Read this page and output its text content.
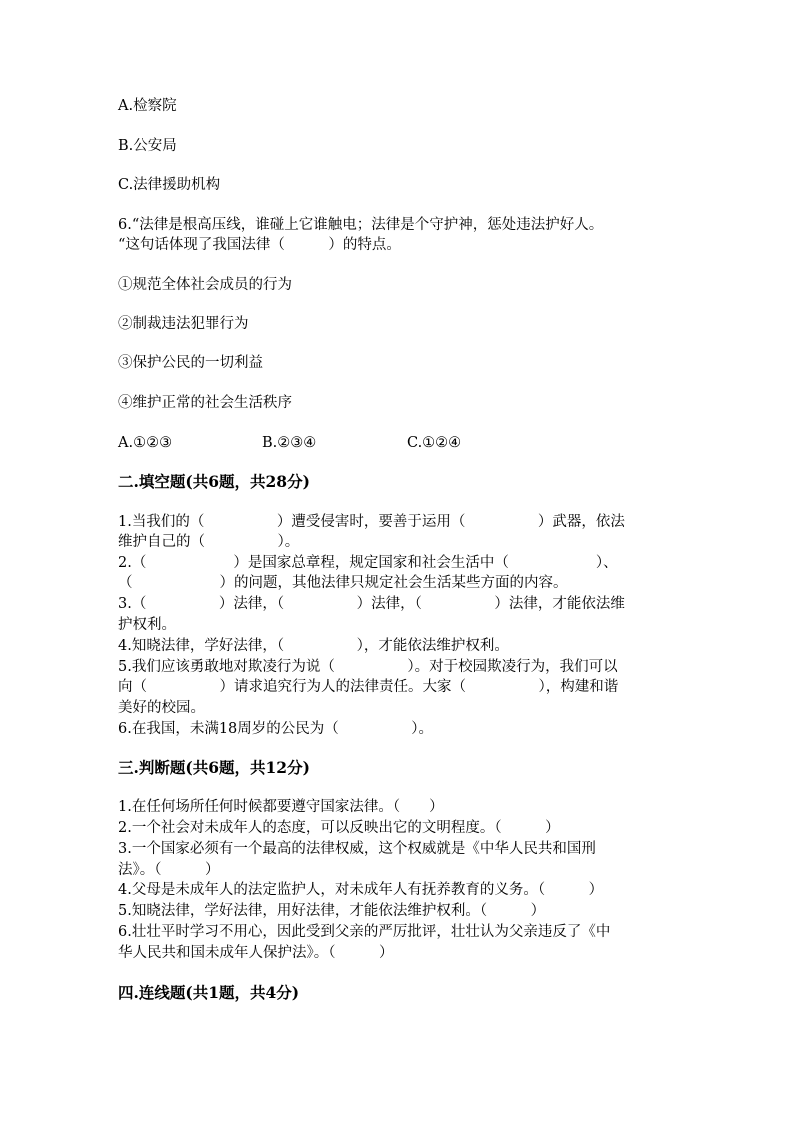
A.检察院
B.公安局
C.法律援助机构
6.“法律是根高压线，谁碰上它谁触电；法律是个守护神，惩处违法护好人。
“这句话体现了我国法律（　　　）的特点。
①规范全体社会成员的行为
②制裁违法犯罪行为
③保护公民的一切利益
④维护正常的社会生活秩序
A.①②③	B.②③④	C.①②④
二.填空题(共6题，共28分)
1.当我们的（　　　　　）遭受侵害时，要善于运用（　　　　　）武器，依法
维护自己的（　　　　　）。
2.（　　　　　　）是国家总章程，规定国家和社会生活中（　　　　　　）、
（　　　　　　）的问题，其他法律只规定社会生活某些方面的内容。
3.（　　　　　）法律，（　　　　　）法律，（　　　　　）法律，才能依法维
护权利。
4.知晓法律，学好法律，（　　　　　），才能依法维护权利。
5.我们应该勇敢地对欺凌行为说（　　　　　）。对于校园欺凌行为，我们可以
向（　　　　　）请求追究行为人的法律责任。大家（　　　　　），构建和谐
美好的校园。
6.在我国，未满18周岁的公民为（　　　　　）。
三.判断题(共6题，共12分)
1.在任何场所任何时候都要遵守国家法律。（　　）
2.一个社会对未成年人的态度，可以反映出它的文明程度。（　　　）
3.一个国家必须有一个最高的法律权威，这个权威就是《中华人民共和国刑
法》。（　　　）
4.父母是未成年人的法定监护人，对未成年人有抚养教育的义务。（　　　）
5.知晓法律，学好法律，用好法律，才能依法维护权利。（　　　）
6.壮壮平时学习不用心，因此受到父亲的严厉批评，壮壮认为父亲违反了《中
华人民共和国未成年人保护法》。（　　　）
四.连线题(共1题，共4分)
